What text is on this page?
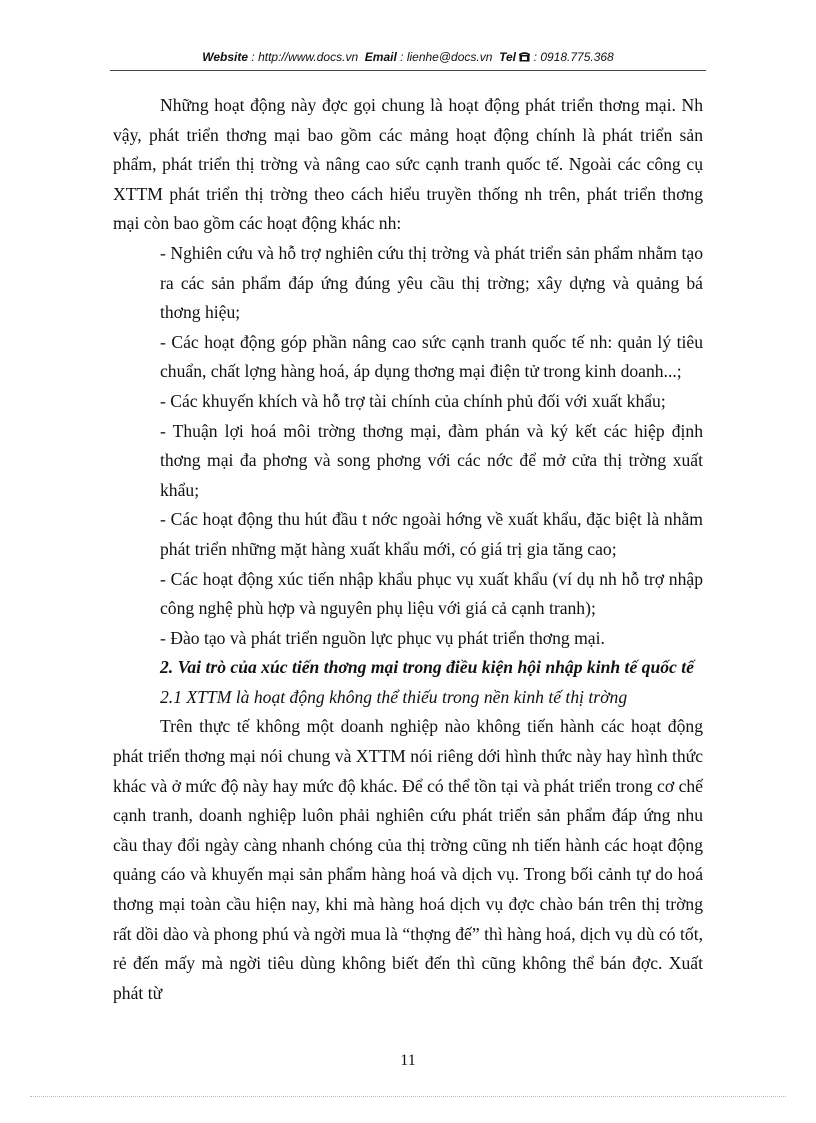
Website : http://www.docs.vn Email : lienhe@docs.vn Tel : 0918.775.368

Những hoạt động này đợc gọi chung là hoạt động phát triển thơng mại. Nh vậy, phát triển thơng mại bao gồm các mảng hoạt động chính là phát triển sản phẩm, phát triển thị trờng và nâng cao sức cạnh tranh quốc tế. Ngoài các công cụ XTTM phát triển thị trờng theo cách hiểu truyền thống nh trên, phát triển thơng mại còn bao gồm các hoạt động khác nh:

- Nghiên cứu và hỗ trợ nghiên cứu thị trờng và phát triển sản phẩm nhằm tạo ra các sản phẩm đáp ứng đúng yêu cầu thị trờng; xây dựng và quảng bá thơng hiệu;

- Các hoạt động góp phần nâng cao sức cạnh tranh quốc tế nh: quản lý tiêu chuẩn, chất lợng hàng hoá, áp dụng thơng mại điện tử trong kinh doanh...;

- Các khuyến khích và hỗ trợ tài chính của chính phủ đối với xuất khẩu;

- Thuận lợi hoá môi trờng thơng mại, đàm phán và ký kết các hiệp định thơng mại đa phơng và song phơng với các nớc để mở cửa thị trờng xuất khẩu;

- Các hoạt động thu hút đầu t nớc ngoài hớng về xuất khẩu, đặc biệt là nhằm phát triển những mặt hàng xuất khẩu mới, có giá trị gia tăng cao;

- Các hoạt động xúc tiến nhập khẩu phục vụ xuất khẩu (ví dụ nh hỗ trợ nhập công nghệ phù hợp và nguyên phụ liệu với giá cả cạnh tranh);

- Đào tạo và phát triển nguồn lực phục vụ phát triển thơng mại.

2. Vai trò của xúc tiến thơng mại trong điều kiện hội nhập kinh tế quốc tế

2.1 XTTM là hoạt động không thể thiếu trong nền kinh tế thị trờng

Trên thực tế không một doanh nghiệp nào không tiến hành các hoạt động phát triển thơng mại nói chung và XTTM nói riêng dới hình thức này hay hình thức khác và ở mức độ này hay mức độ khác. Để có thể tồn tại và phát triển trong cơ chế cạnh tranh, doanh nghiệp luôn phải nghiên cứu phát triển sản phẩm đáp ứng nhu cầu thay đổi ngày càng nhanh chóng của thị trờng cũng nh tiến hành các hoạt động quảng cáo và khuyến mại sản phẩm hàng hoá và dịch vụ. Trong bối cảnh tự do hoá thơng mại toàn cầu hiện nay, khi mà hàng hoá dịch vụ đợc chào bán trên thị trờng rất dồi dào và phong phú và ngời mua là “thợng đế” thì hàng hoá, dịch vụ dù có tốt, rẻ đến mấy mà ngời tiêu dùng không biết đến thì cũng không thể bán đợc. Xuất phát từ

11
